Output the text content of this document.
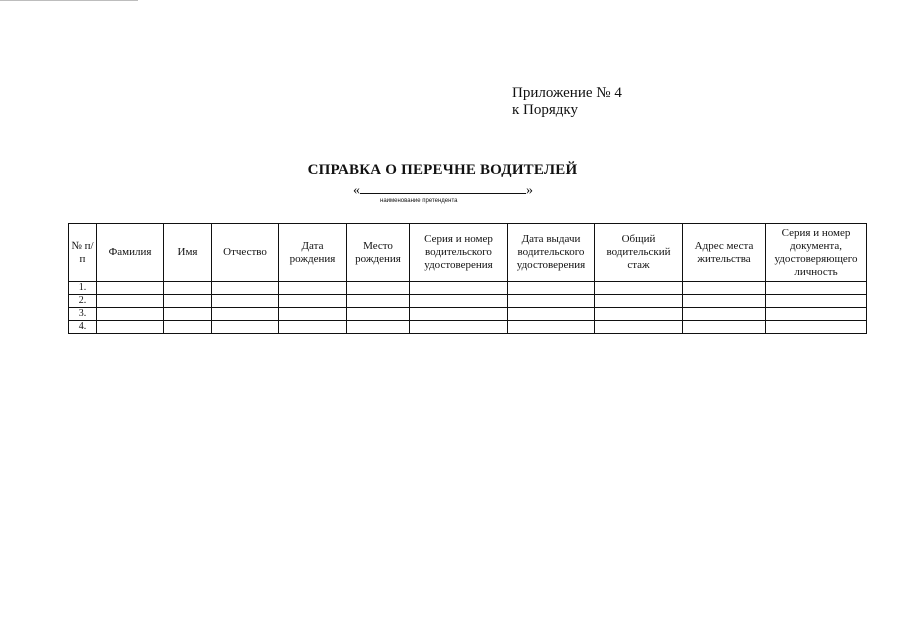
Приложение № 4
к Порядку
СПРАВКА О ПЕРЕЧНЕ ВОДИТЕЛЕЙ
«	»
наименование претендента
№ п/п	Фамилия	Имя	Отчество	Дата рождения	Место рождения	Серия и номер водительского удостоверения	Дата выдачи водительского удостоверения	Общий водительский стаж	Адрес места жительства	Серия и номер документа, удостоверяющего личность
1.										
2.										
3.										
4.										
